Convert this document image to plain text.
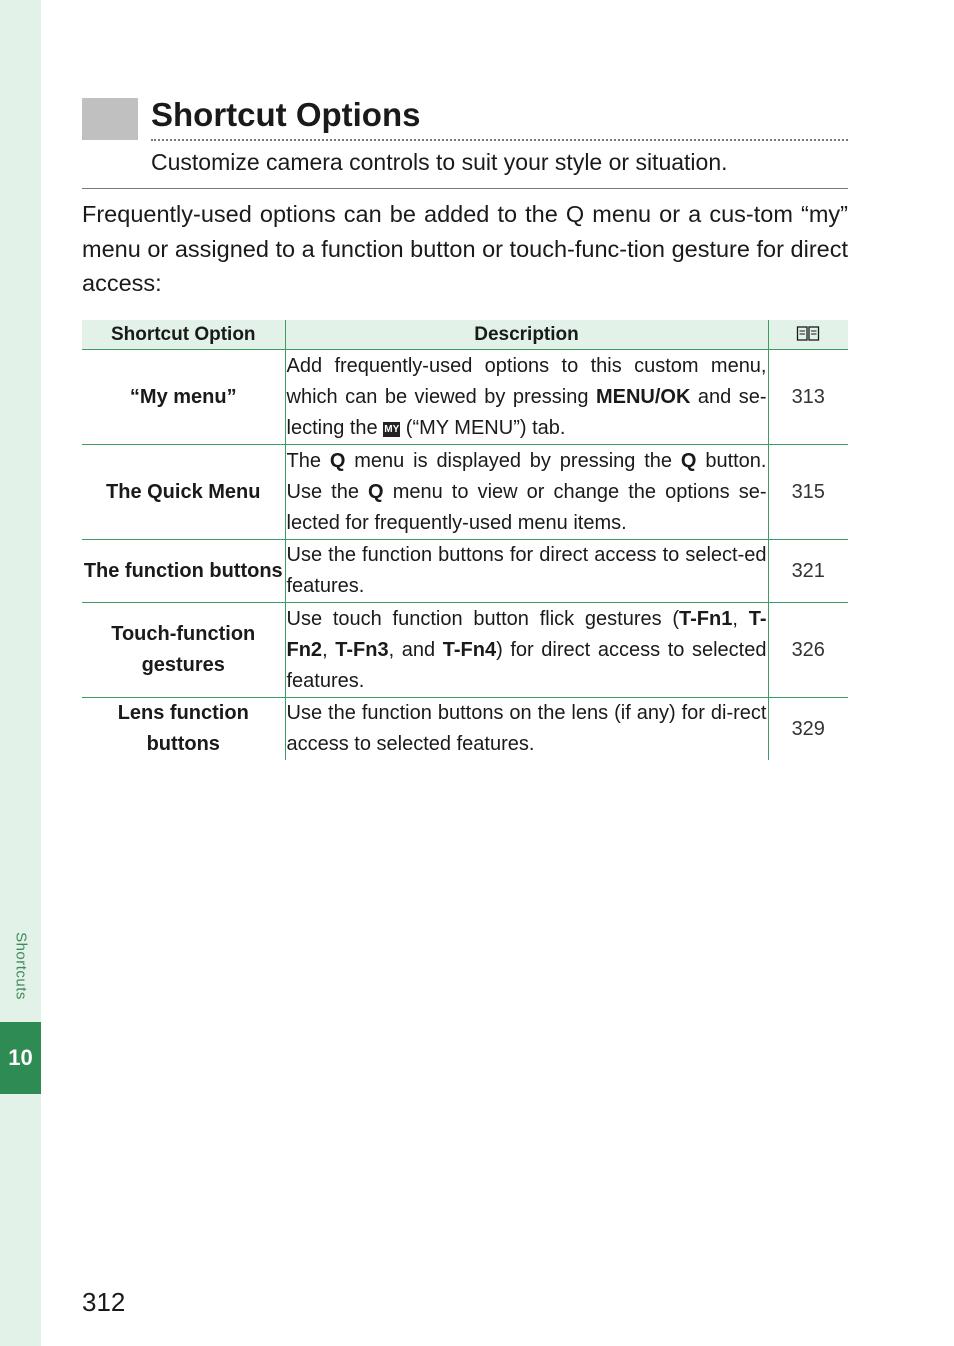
Shortcuts
10
Shortcut Options
Customize camera controls to suit your style or situation.

Frequently-used options can be added to the Q menu or a cus-tom “my” menu or assigned to a function button or touch-func-tion gesture for direct access:

Shortcut Option	Description	
“My menu”	Add frequently-used options to this custom menu, which can be viewed by pressing MENU/OK and se-lecting the MY (“MY MENU”) tab.	313
The Quick Menu	The Q menu is displayed by pressing the Q button. Use the Q menu to view or change the options se-lected for frequently-used menu items.	315
The function buttons	Use the function buttons for direct access to select-ed features.	321
Touch-function
gestures	Use touch function button flick gestures (T-Fn1, T-Fn2, T-Fn3, and T-Fn4) for direct access to selected features.	326
Lens function buttons	Use the function buttons on the lens (if any) for di-rect access to selected features.	329
312
